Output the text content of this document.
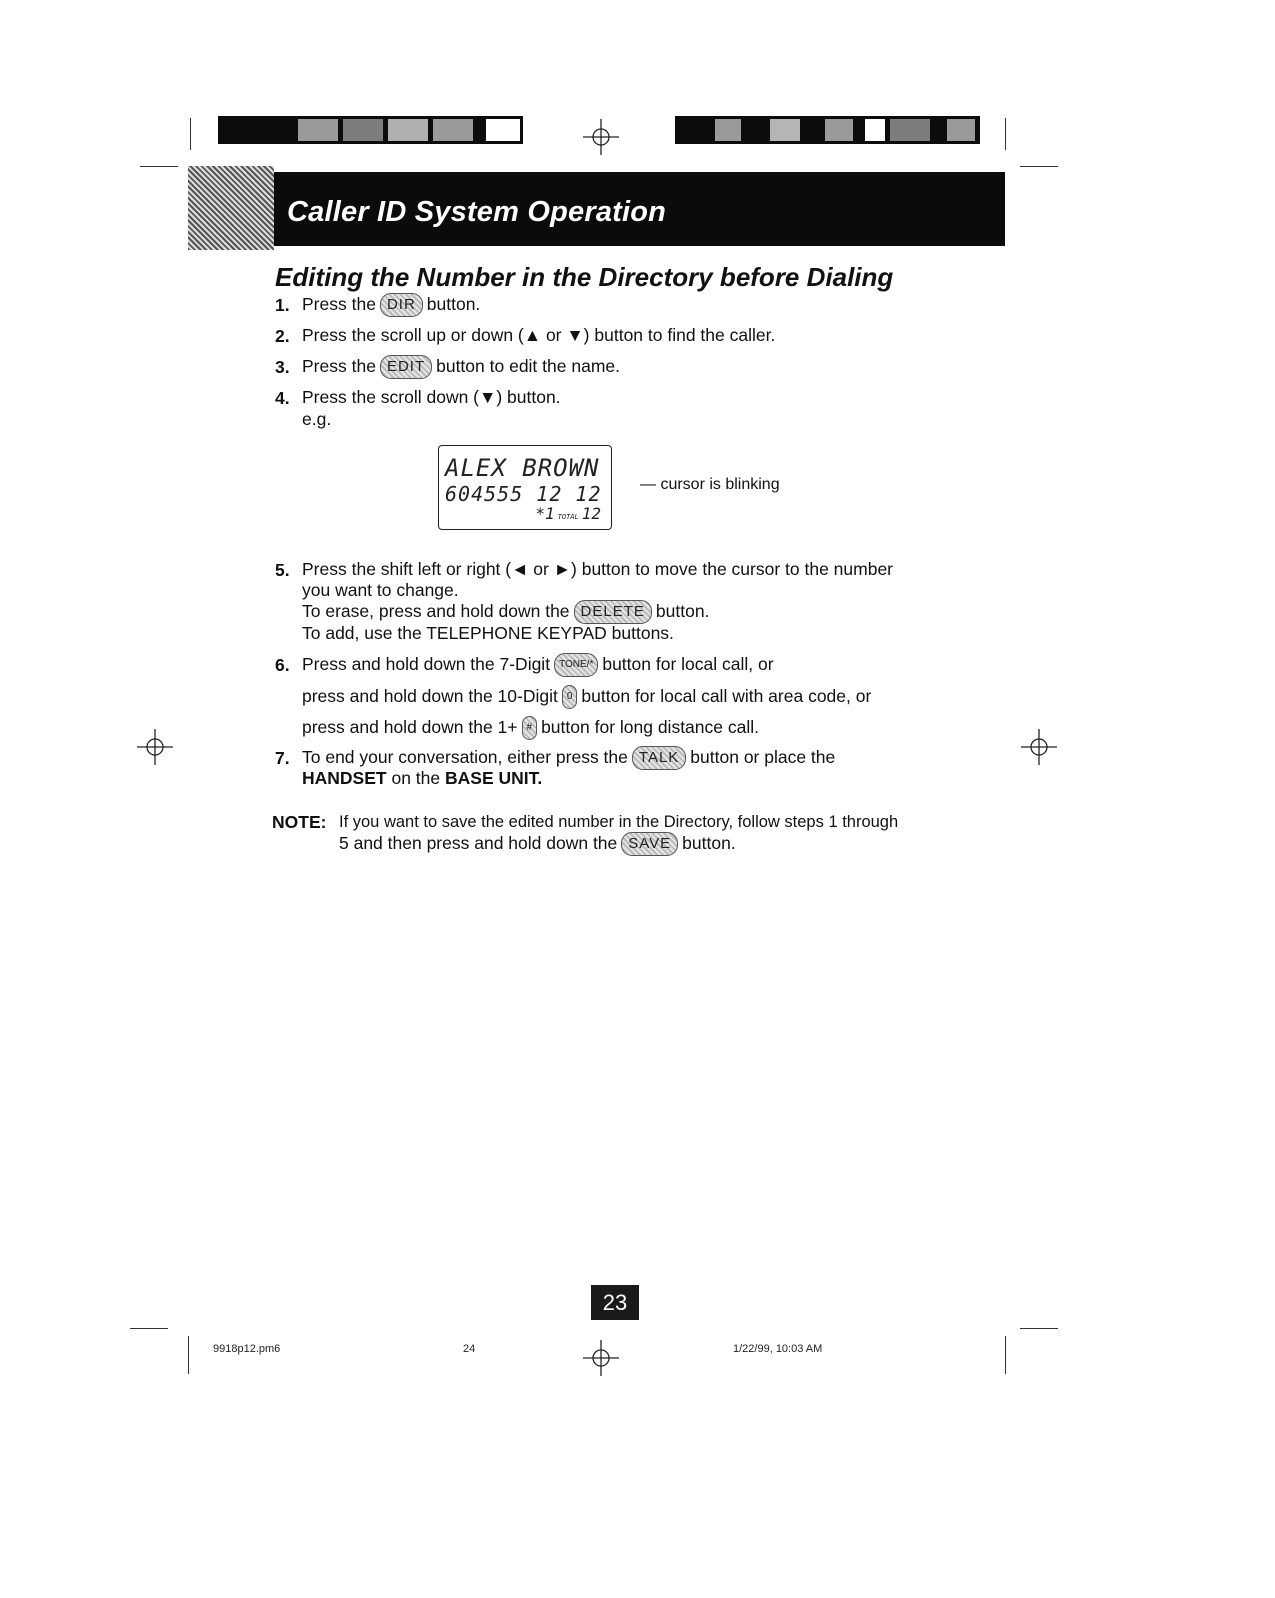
Caller ID System Operation
Editing the Number in the Directory before Dialing
1. Press the DIR button.
2. Press the scroll up or down (▲ or ▼) button to find the caller.
3. Press the EDIT button to edit the name.
4. Press the scroll down (▼) button.
e.g.
ALEX BROWN
604555 12 12
*1 TOTAL 12
— cursor is blinking
5. Press the shift left or right (◄ or ►) button to move the cursor to the number
you want to change.
To erase, press and hold down the DELETE button.
To add, use the TELEPHONE KEYPAD buttons.
6. Press and hold down the 7-Digit TONE/* button for local call, or
press and hold down the 10-Digit 0 button for local call with area code, or
press and hold down the 1+ # button for long distance call.
7. To end your conversation, either press the TALK button or place the
HANDSET on the BASE UNIT.
NOTE: If you want to save the edited number in the Directory, follow steps 1 through
5 and then press and hold down the SAVE button.
23
9918p12.pm6	24	1/22/99, 10:03 AM
